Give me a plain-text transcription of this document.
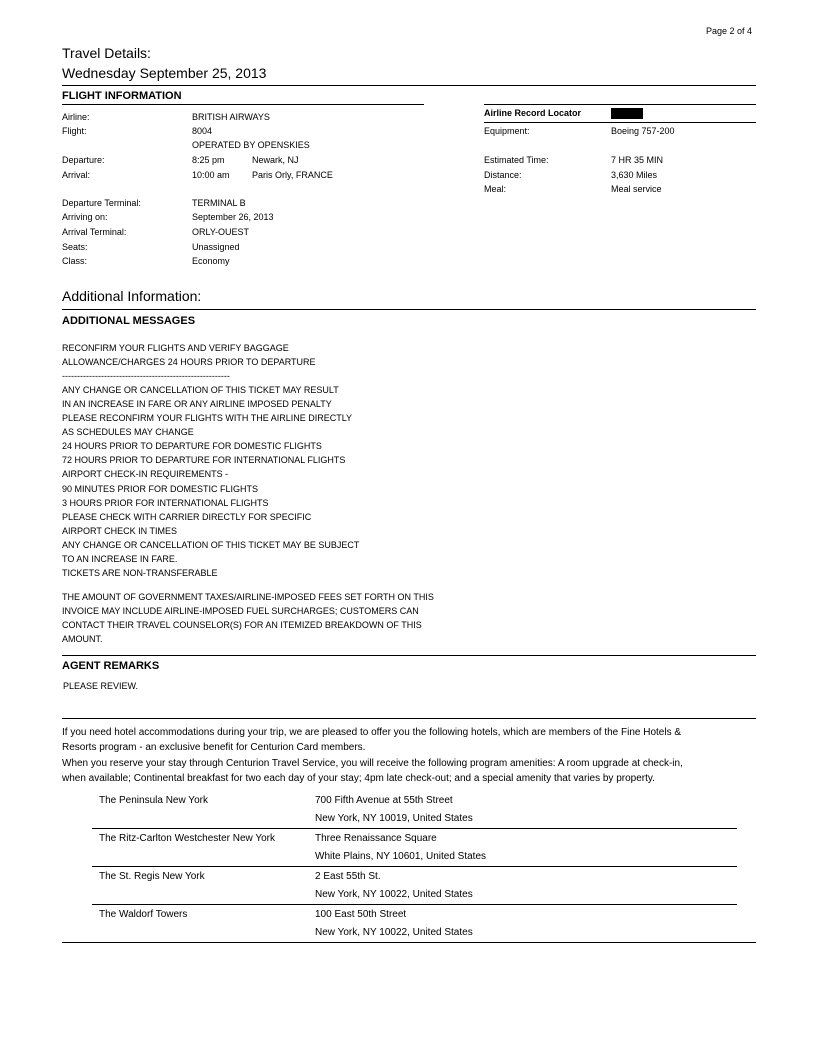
Page 2 of 4
Travel Details:
Wednesday September 25, 2013
FLIGHT INFORMATION
Airline:	BRITISH AIRWAYS
Flight:	8004
OPERATED BY OPENSKIES
Departure:	8:25 pm	Newark, NJ
Arrival:	10:00 am Paris Orly, FRANCE
Departure Terminal:	TERMINAL B
Arriving on:	September 26, 2013
Arrival Terminal:	ORLY-OUEST
Seats:	Unassigned
Class:	Economy
Airline Record Locator
Equipment:	Boeing 757-200
Estimated Time:	7 HR 35 MIN
Distance:	3,630 Miles
Meal:	Meal service
Additional Information:
ADDITIONAL MESSAGES
RECONFIRM YOUR FLIGHTS AND VERIFY BAGGAGE
ALLOWANCE/CHARGES 24 HOURS PRIOR TO DEPARTURE
--------------------------------------------------------
ANY CHANGE OR CANCELLATION OF THIS TICKET MAY RESULT
IN AN INCREASE IN FARE OR ANY AIRLINE IMPOSED PENALTY
PLEASE RECONFIRM YOUR FLIGHTS WITH THE AIRLINE DIRECTLY
AS SCHEDULES MAY CHANGE
24 HOURS PRIOR TO DEPARTURE FOR DOMESTIC FLIGHTS
72 HOURS PRIOR TO DEPARTURE FOR INTERNATIONAL FLIGHTS
AIRPORT CHECK-IN REQUIREMENTS -
90 MINUTES PRIOR FOR DOMESTIC FLIGHTS
3 HOURS PRIOR FOR INTERNATIONAL FLIGHTS
PLEASE CHECK WITH CARRIER DIRECTLY FOR SPECIFIC
AIRPORT CHECK IN TIMES
ANY CHANGE OR CANCELLATION OF THIS TICKET MAY BE SUBJECT
TO AN INCREASE IN FARE.
TICKETS ARE NON-TRANSFERABLE
THE AMOUNT OF GOVERNMENT TAXES/AIRLINE-IMPOSED FEES SET FORTH ON THIS
INVOICE MAY INCLUDE AIRLINE-IMPOSED FUEL SURCHARGES; CUSTOMERS CAN
CONTACT THEIR TRAVEL COUNSELOR(S) FOR AN ITEMIZED BREAKDOWN OF THIS
AMOUNT.
AGENT REMARKS
PLEASE REVIEW.
If you need hotel accommodations during your trip, we are pleased to offer you the following hotels, which are members of the Fine Hotels &
Resorts program - an exclusive benefit for Centurion Card members.
When you reserve your stay through Centurion Travel Service, you will receive the following program amenities: A room upgrade at check-in,
when available; Continental breakfast for two each day of your stay; 4pm late check-out; and a special amenity that varies by property.
The Peninsula New York	700 Fifth Avenue at 55th Street
New York, NY 10019, United States
The Ritz-Carlton Westchester New York	Three Renaissance Square
White Plains, NY 10601, United States
The St. Regis New York	2 East 55th St.
New York, NY 10022, United States
The Waldorf Towers	100 East 50th Street
New York, NY 10022, United States
